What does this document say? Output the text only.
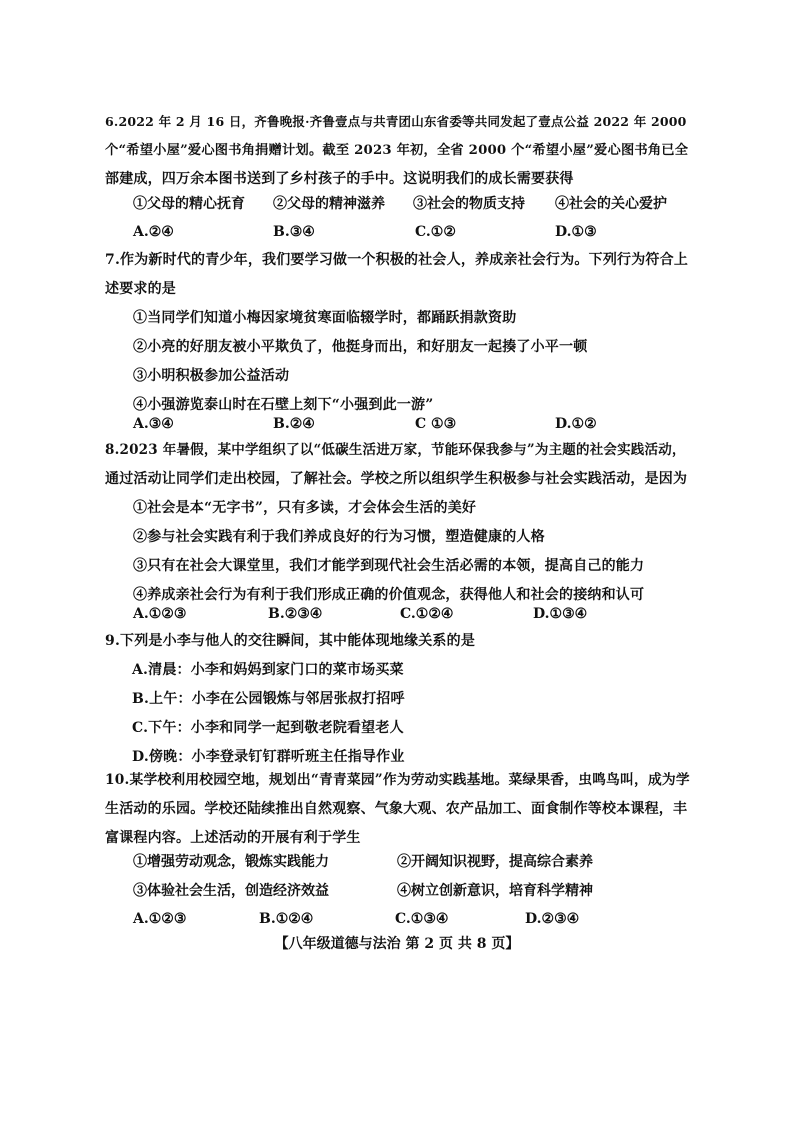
6.2022 年 2 月 16 日，齐鲁晚报·齐鲁壹点与共青团山东省委等共同发起了壹点公益 2022 年 2000
个“希望小屋”爱心图书角捐赠计划。截至 2023 年初，全省 2000 个“希望小屋”爱心图书角已全
部建成，四万余本图书送到了乡村孩子的手中。这说明我们的成长需要获得
①父母的精心抚育 ②父母的精神滋养 ③社会的物质支持 ④社会的关心爱护
A.②④	B.③④	C.①②	D.①③
7.作为新时代的青少年，我们要学习做一个积极的社会人，养成亲社会行为。下列行为符合上
述要求的是
①当同学们知道小梅因家境贫寒面临辍学时，都踊跃捐款资助
②小亮的好朋友被小平欺负了，他挺身而出，和好朋友一起揍了小平一顿
③小明积极参加公益活动
④小强游览泰山时在石壁上刻下“小强到此一游”
A.③④	B.②④	C ①③	D.①②
8.2023 年暑假，某中学组织了以“低碳生活进万家，节能环保我参与”为主题的社会实践活动，
通过活动让同学们走出校园，了解社会。学校之所以组织学生积极参与社会实践活动，是因为
①社会是本“无字书”，只有多读，才会体会生活的美好
②参与社会实践有利于我们养成良好的行为习惯，塑造健康的人格
③只有在社会大课堂里，我们才能学到现代社会生活必需的本领，提高自己的能力
④养成亲社会行为有利于我们形成正确的价值观念，获得他人和社会的接纳和认可
A.①②③	B.②③④	C.①②④	D.①③④
9.下列是小李与他人的交往瞬间，其中能体现地缘关系的是
A.清晨：小李和妈妈到家门口的菜市场买菜
B.上午：小李在公园锻炼与邻居张叔打招呼
C.下午：小李和同学一起到敬老院看望老人
D.傍晚：小李登录钉钉群听班主任指导作业
10.某学校利用校园空地，规划出“青青菜园”作为劳动实践基地。菜绿果香，虫鸣鸟叫，成为学
生活动的乐园。学校还陆续推出自然观察、气象大观、农产品加工、面食制作等校本课程，丰
富课程内容。上述活动的开展有利于学生
①增强劳动观念，锻炼实践能力	②开阔知识视野，提高综合素养
③体验社会生活，创造经济效益	④树立创新意识，培育科学精神
A.①②③	B.①②④	C.①③④	D.②③④
【八年级道德与法治 第 2 页 共 8 页】
